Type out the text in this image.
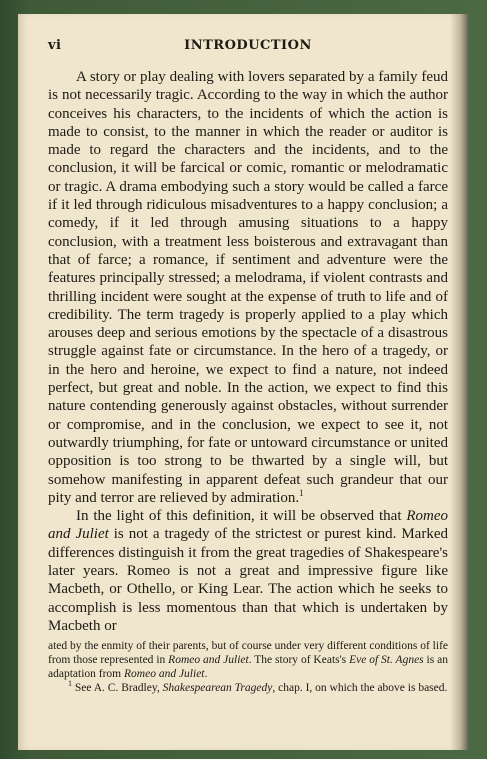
vi	INTRODUCTION

A story or play dealing with lovers separated by a family feud is not necessarily tragic. According to the way in which the author conceives his characters, to the incidents of which the action is made to consist, to the manner in which the reader or auditor is made to regard the characters and the incidents, and to the conclusion, it will be farcical or comic, romantic or melodramatic or tragic. A drama embodying such a story would be called a farce if it led through ridiculous misadventures to a happy conclusion; a comedy, if it led through amusing situations to a happy conclusion, with a treatment less boisterous and extravagant than that of farce; a romance, if sentiment and adventure were the features principally stressed; a melodrama, if violent contrasts and thrilling incident were sought at the expense of truth to life and of credibility. The term tragedy is properly applied to a play which arouses deep and serious emotions by the spectacle of a disastrous struggle against fate or circumstance. In the hero of a tragedy, or in the hero and heroine, we expect to find a nature, not indeed perfect, but great and noble. In the action, we expect to find this nature contending generously against obstacles, without surrender or compromise, and in the conclusion, we expect to see it, not outwardly triumphing, for fate or untoward circumstance or united opposition is too strong to be thwarted by a single will, but somehow manifesting in apparent defeat such grandeur that our pity and terror are relieved by admiration.$^1$

In the light of this definition, it will be observed that Romeo and Juliet is not a tragedy of the strictest or purest kind. Marked differences distinguish it from the great tragedies of Shakespeare's later years. Romeo is not a great and impressive figure like Macbeth, or Othello, or King Lear. The action which he seeks to accomplish is less momentous than that which is undertaken by Macbeth or

ated by the enmity of their parents, but of course under very different conditions of life from those represented in Romeo and Juliet. The story of Keats's Eve of St. Agnes is an adaptation from Romeo and Juliet.

$^1$ See A. C. Bradley, Shakespearean Tragedy, chap. I, on which the above is based.
